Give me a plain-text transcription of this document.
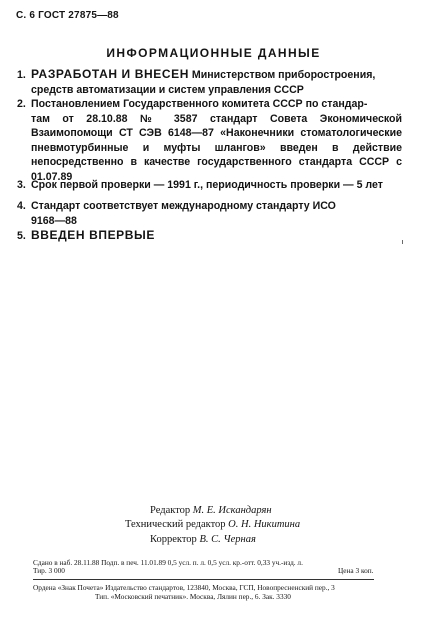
С. 6 ГОСТ 27875—88
ИНФОРМАЦИОННЫЕ ДАННЫЕ
1. РАЗРАБОТАН И ВНЕСЕН Министерством приборостроения,
средств автоматизации и систем управления СССР
2. Постановлением Государственного комитета СССР по стандар-
там от 28.10.88 № 3587 стандарт Совета Экономической Взаимопомощи СТ СЭВ 6148—87 «Наконечники стоматологические пневмотурбинные и муфты шлангов» введен в действие непосредственно в качестве государственного стандарта СССР с 01.07.89
3. Срок первой проверки — 1991 г., периодичность проверки — 5 лет
4. Стандарт соответствует международному стандарту ИСО
9168—88
5. ВВЕДЕН ВПЕРВЫЕ
Редактор М. Е. Искандарян
Технический редактор О. Н. Никитина
Корректор В. С. Черная
Сдано в наб. 28.11.88 Подп. в печ. 11.01.89 0,5 усл. п. л. 0,5 усл. кр.-отт. 0,33 уч.-изд. л.
Тир. 3 000	Цена 3 коп.
Ордена «Знак Почета» Издательство стандартов, 123840, Москва, ГСП, Новопресненский пер., 3
Тип. «Московский печатник». Москва, Лялин пер., 6. Зак. 3330
